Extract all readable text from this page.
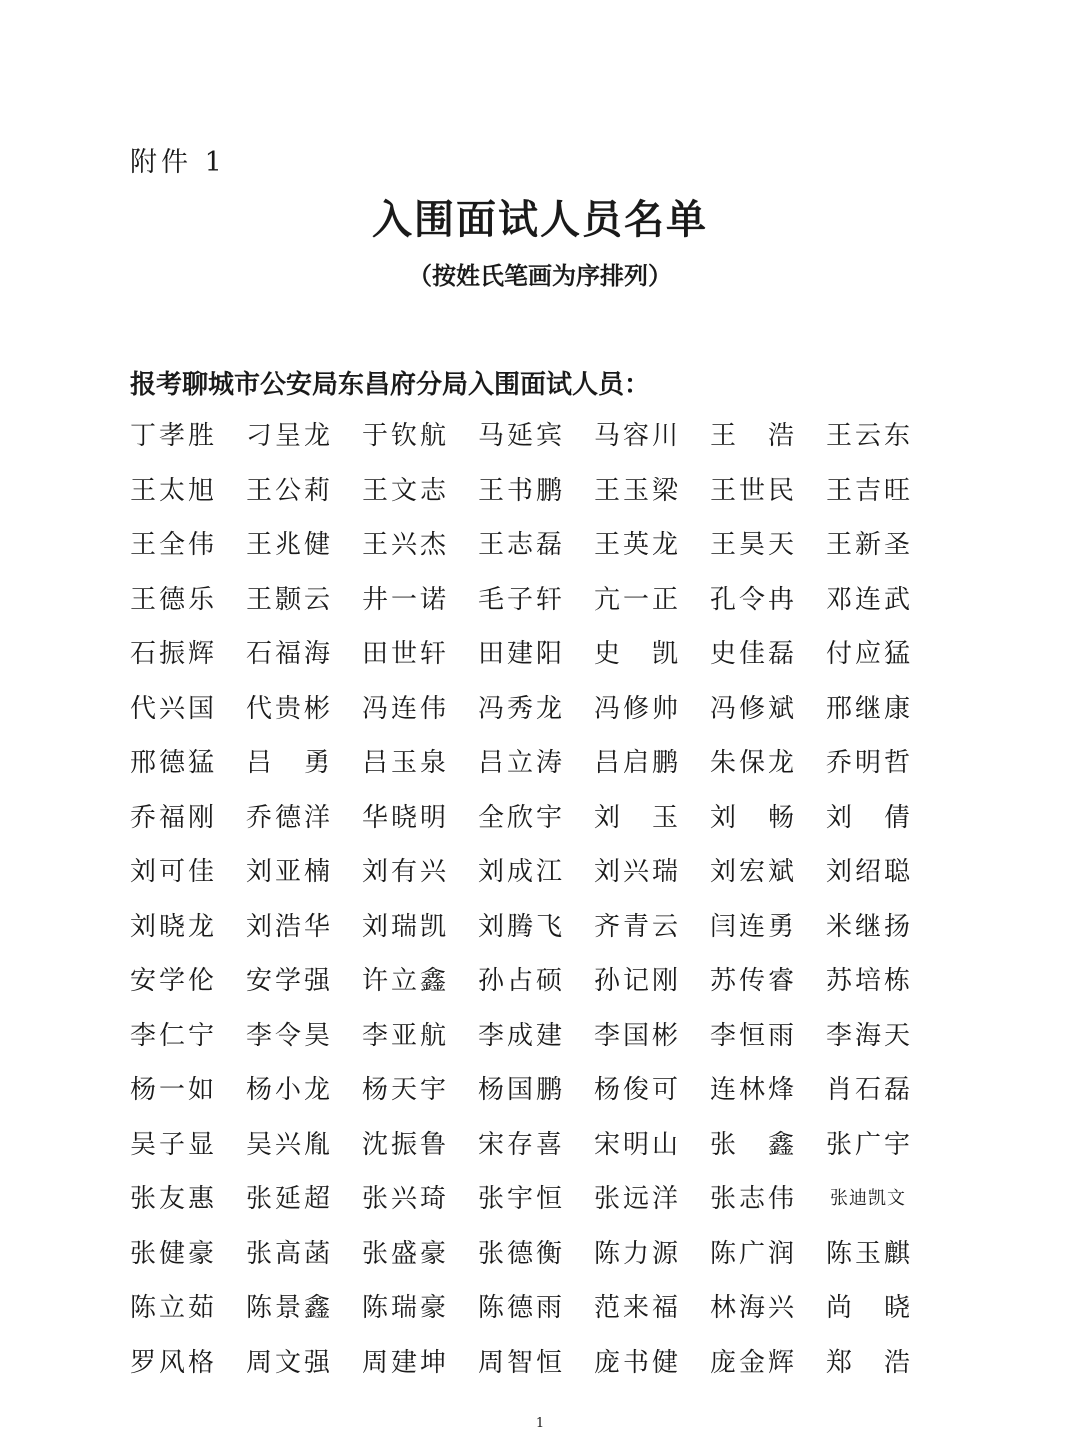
附件 1
入围面试人员名单
（按姓氏笔画为序排列）
报考聊城市公安局东昌府分局入围面试人员：
丁 孝 胜 刁 呈 龙 于 钦 航 马 延 宾 马 容 川 王 浩 王 云 东
王 太 旭 王 公 莉 王 文 志 王 书 鹏 王 玉 梁 王 世 民 王 吉 旺
王 全 伟 王 兆 健 王 兴 杰 王 志 磊 王 英 龙 王 昊 天 王 新 圣
王 德 乐 王 颢 云 井 一 诺 毛 子 轩 亢 一 正 孔 令 冉 邓 连 武
石 振 辉 石 福 海 田 世 轩 田 建 阳 史 凯 史 佳 磊 付 应 猛
代 兴 国 代 贵 彬 冯 连 伟 冯 秀 龙 冯 修 帅 冯 修 斌 邢 继 康
邢 德 猛 吕 勇 吕 玉 泉 吕 立 涛 吕 启 鹏 朱 保 龙 乔 明 哲
乔 福 刚 乔 德 洋 华 晓 明 全 欣 宇 刘 玉 刘 畅 刘 倩
刘 可 佳 刘 亚 楠 刘 有 兴 刘 成 江 刘 兴 瑞 刘 宏 斌 刘 绍 聪
刘 晓 龙 刘 浩 华 刘 瑞 凯 刘 腾 飞 齐 青 云 闫 连 勇 米 继 扬
安 学 伦 安 学 强 许 立 鑫 孙 占 硕 孙 记 刚 苏 传 睿 苏 培 栋
李 仁 宁 李 令 昊 李 亚 航 李 成 建 李 国 彬 李 恒 雨 李 海 天
杨 一 如 杨 小 龙 杨 天 宇 杨 国 鹏 杨 俊 可 连 林 烽 肖 石 磊
吴 子 显 吴 兴 胤 沈 振 鲁 宋 存 喜 宋 明 山 张 鑫 张 广 宇
张 友 惠 张 延 超 张 兴 琦 张 宇 恒 张 远 洋 张 志 伟 张迪凯文
张 健 豪 张 高 菡 张 盛 豪 张 德 衡 陈 力 源 陈 广 润 陈 玉 麒
陈 立 茹 陈 景 鑫 陈 瑞 豪 陈 德 雨 范 来 福 林 海 兴 尚 晓
罗 风 格 周 文 强 周 建 坤 周 智 恒 庞 书 健 庞 金 辉 郑 浩
1
